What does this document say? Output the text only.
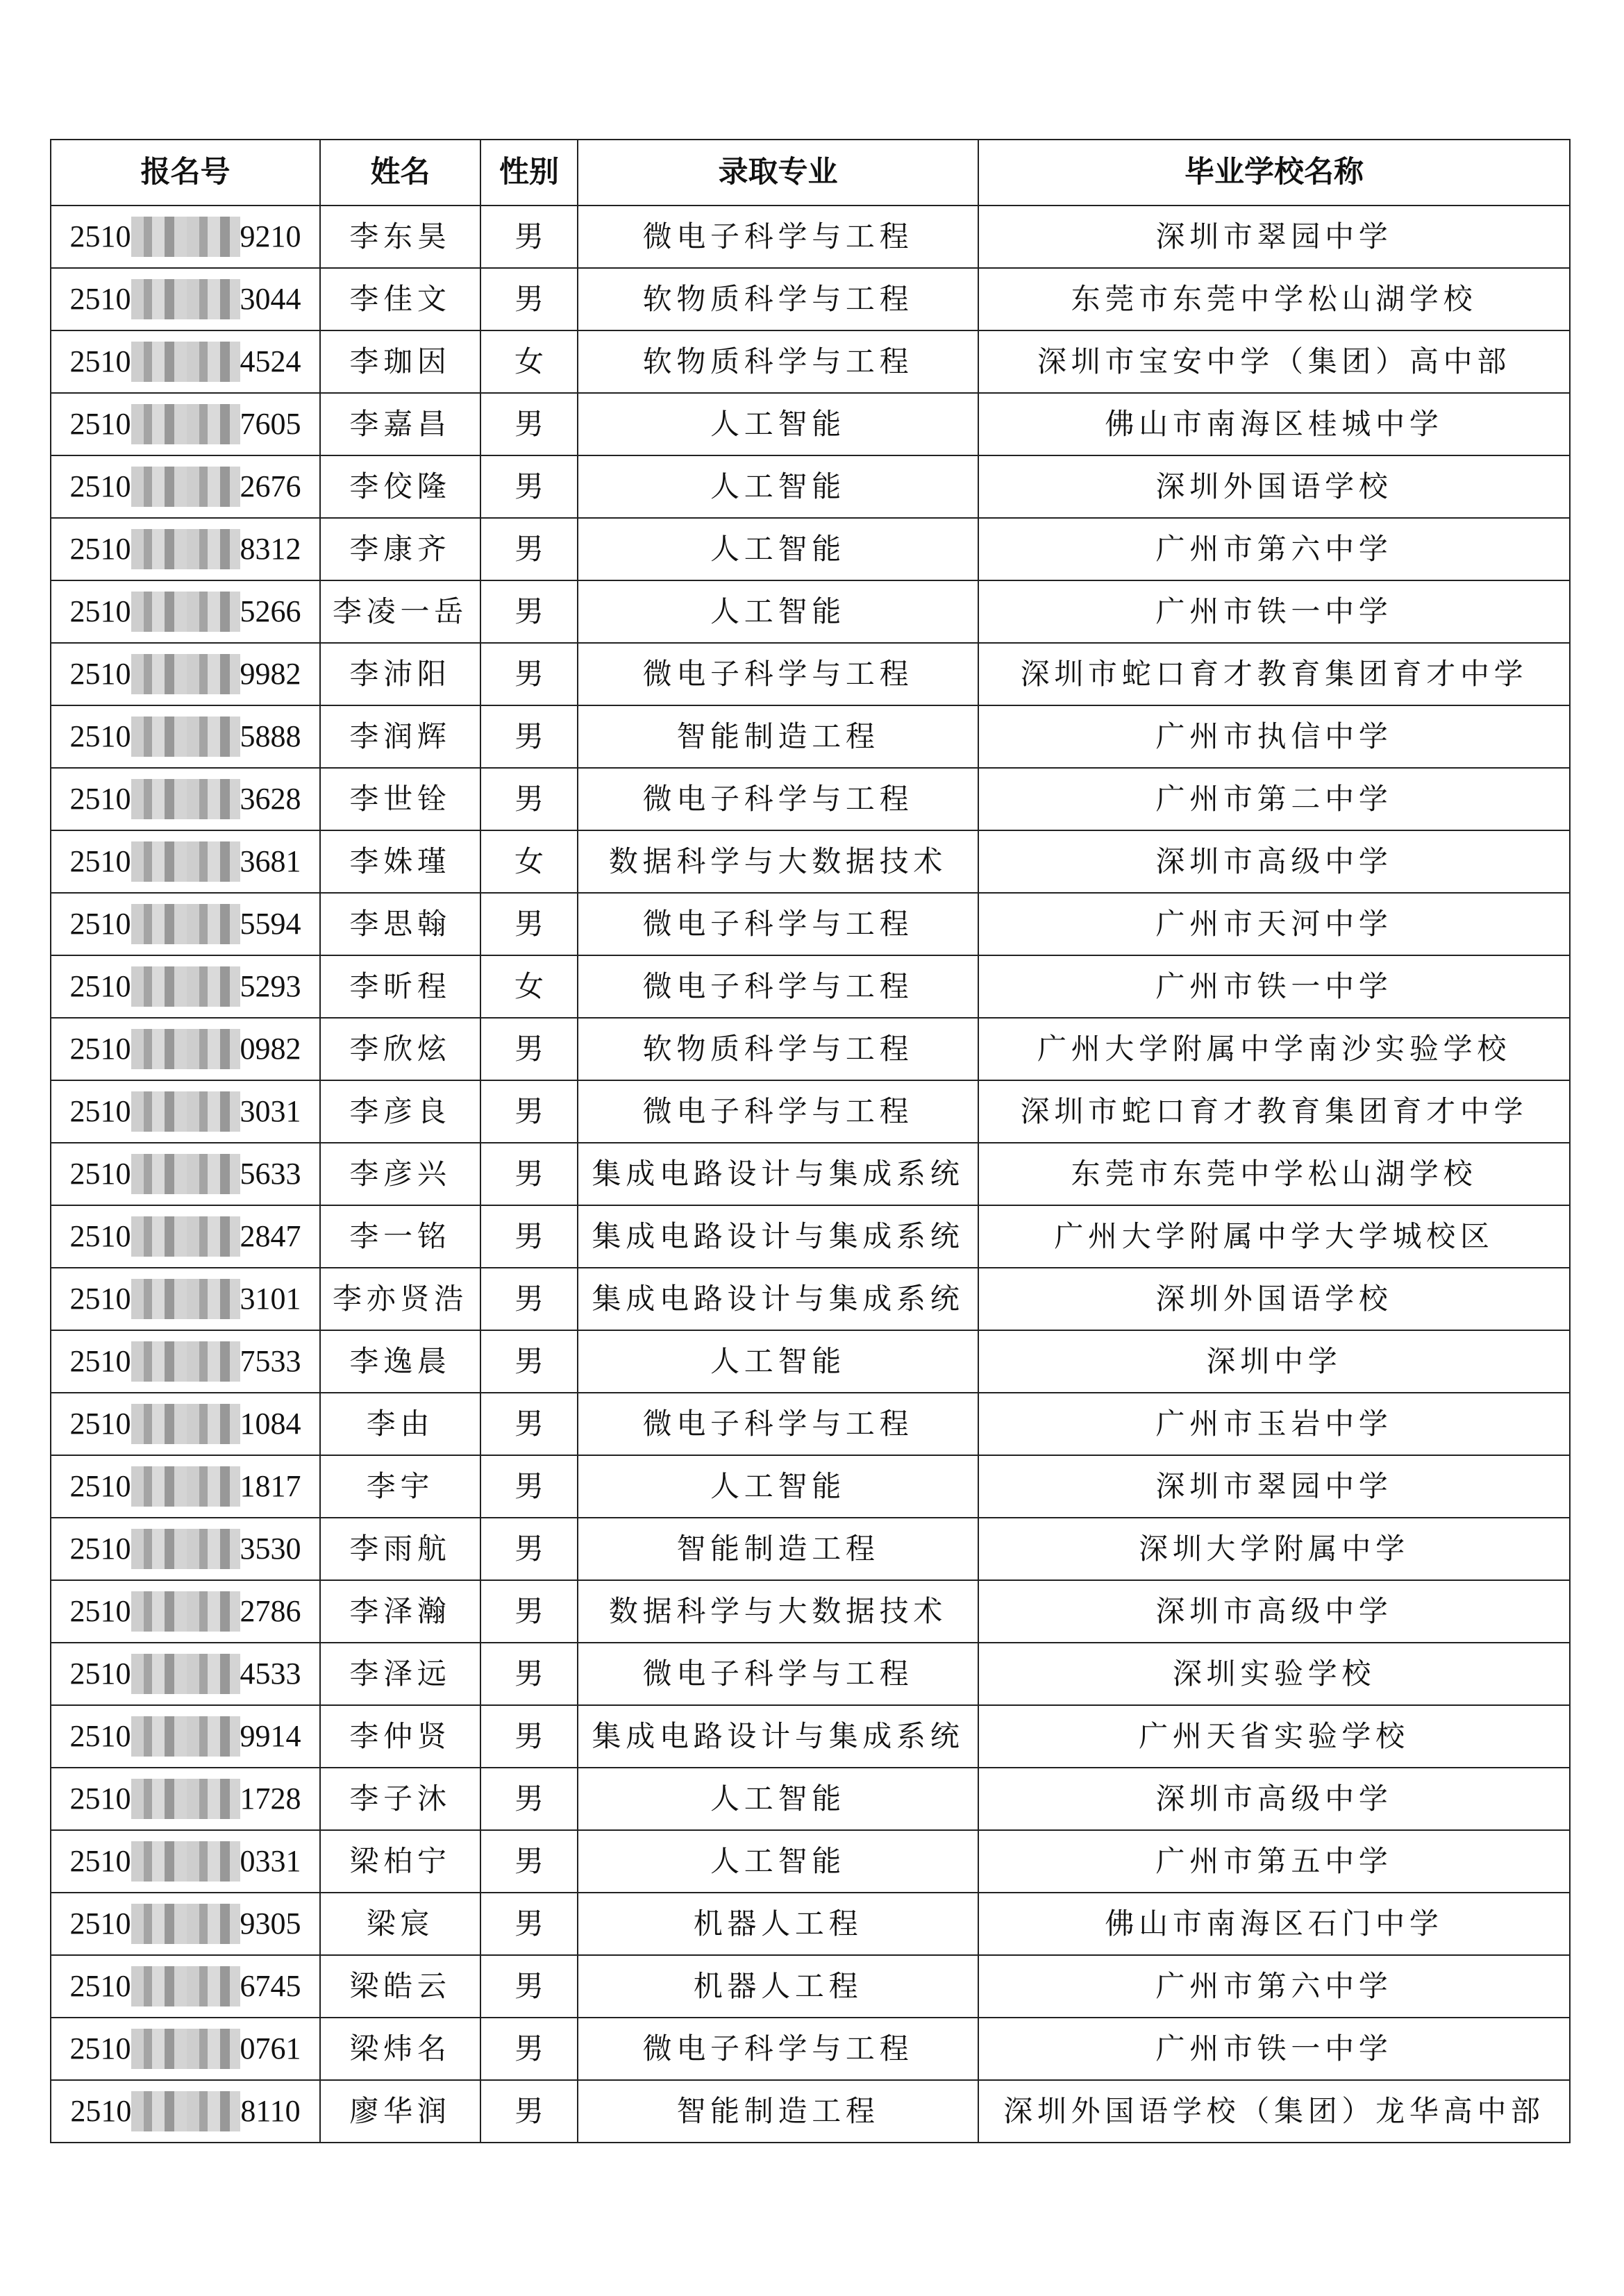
报名号	姓名	性别	录取专业	毕业学校名称

2510 9210	李东昊	男	微电子科学与工程	深圳市翠园中学

2510 3044	李佳文	男	软物质科学与工程	东莞市东莞中学松山湖学校

2510 4524	李珈因	女	软物质科学与工程	深圳市宝安中学（集团）高中部

2510 7605	李嘉昌	男	人工智能	佛山市南海区桂城中学

2510 2676	李佼隆	男	人工智能	深圳外国语学校

2510 8312	李康齐	男	人工智能	广州市第六中学

2510 5266	李凌一岳	男	人工智能	广州市铁一中学

2510 9982	李沛阳	男	微电子科学与工程	深圳市蛇口育才教育集团育才中学

2510 5888	李润辉	男	智能制造工程	广州市执信中学

2510 3628	李世铨	男	微电子科学与工程	广州市第二中学

2510 3681	李姝瑾	女	数据科学与大数据技术	深圳市高级中学

2510 5594	李思翰	男	微电子科学与工程	广州市天河中学

2510 5293	李昕程	女	微电子科学与工程	广州市铁一中学

2510 0982	李欣炫	男	软物质科学与工程	广州大学附属中学南沙实验学校

2510 3031	李彦良	男	微电子科学与工程	深圳市蛇口育才教育集团育才中学

2510 5633	李彦兴	男	集成电路设计与集成系统	东莞市东莞中学松山湖学校

2510 2847	李一铭	男	集成电路设计与集成系统	广州大学附属中学大学城校区

2510 3101	李亦贤浩	男	集成电路设计与集成系统	深圳外国语学校

2510 7533	李逸晨	男	人工智能	深圳中学

2510 1084	李由	男	微电子科学与工程	广州市玉岩中学

2510 1817	李宇	男	人工智能	深圳市翠园中学

2510 3530	李雨航	男	智能制造工程	深圳大学附属中学

2510 2786	李泽瀚	男	数据科学与大数据技术	深圳市高级中学

2510 4533	李泽远	男	微电子科学与工程	深圳实验学校

2510 9914	李仲贤	男	集成电路设计与集成系统	广州天省实验学校

2510 1728	李子沐	男	人工智能	深圳市高级中学

2510 0331	梁柏宁	男	人工智能	广州市第五中学

2510 9305	梁宸	男	机器人工程	佛山市南海区石门中学

2510 6745	梁皓云	男	机器人工程	广州市第六中学

2510 0761	梁炜名	男	微电子科学与工程	广州市铁一中学

2510 8110	廖华润	男	智能制造工程	深圳外国语学校（集团）龙华高中部
